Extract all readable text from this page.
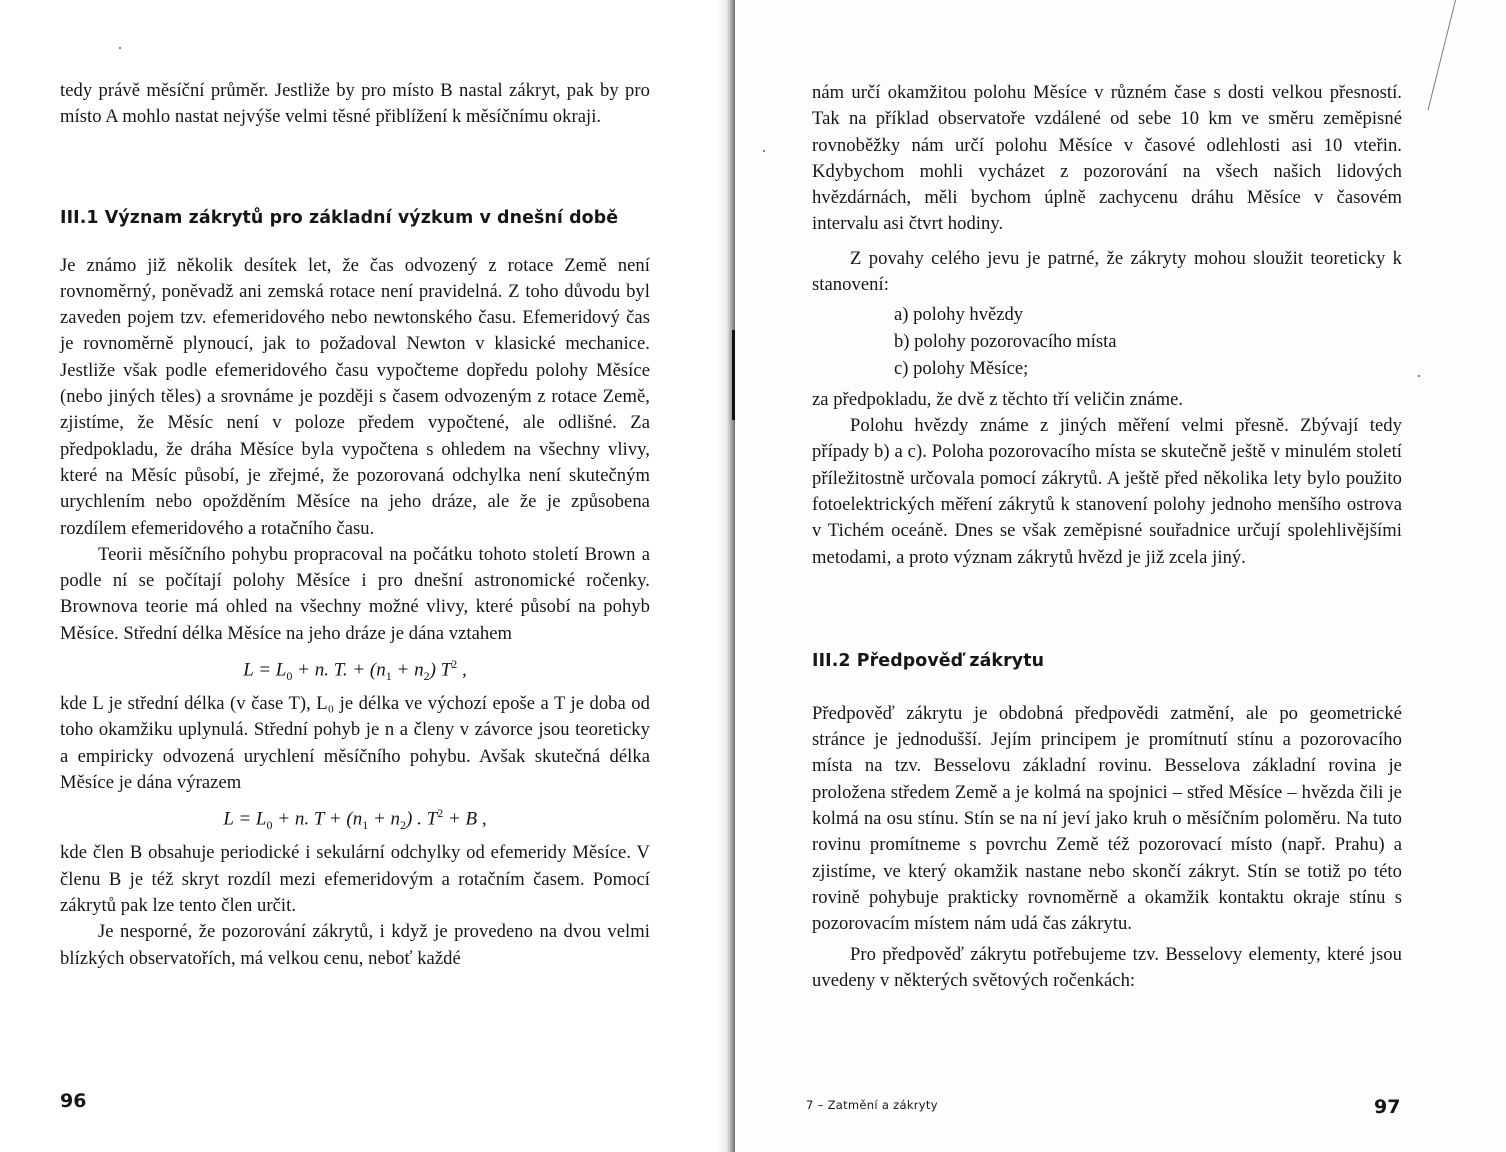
tedy právě měsíční průměr. Jestliže by pro místo B nastal zákryt, pak by pro místo A mohlo nastat nejvýše velmi těsné přiblížení k měsíčnímu okraji.

III.1 Význam zákrytů pro základní výzkum v dnešní době

Je známo již několik desítek let, že čas odvozený z rotace Země není rovnoměrný, poněvadž ani zemská rotace není pravidelná. Z toho důvodu byl zaveden pojem tzv. efemeridového nebo newtonského času. Efemeridový čas je rovnoměrně plynoucí, jak to požadoval Newton v klasické mechanice. Jestliže však podle efemeridového času vypočteme dopředu polohy Měsíce (nebo jiných těles) a srovnáme je později s časem odvozeným z rotace Země, zjistíme, že Měsíc není v poloze předem vypočtené, ale odlišné. Za předpokladu, že dráha Měsíce byla vypočtena s ohledem na všechny vlivy, které na Měsíc působí, je zřejmé, že pozorovaná odchylka není skutečným urychlením nebo opožděním Měsíce na jeho dráze, ale že je způsobena rozdílem efemeridového a rotačního času.

Teorii měsíčního pohybu propracoval na počátku tohoto století Brown a podle ní se počítají polohy Měsíce i pro dnešní astronomické ročenky. Brownova teorie má ohled na všechny možné vlivy, které působí na pohyb Měsíce. Střední délka Měsíce na jeho dráze je dána vztahem

$L = L_0 + n$. T. + $(n_1 + n_2)$ $T^2$ ,

kde L je střední délka (v čase T), L₀ je délka ve výchozí epoše a T je doba od toho okamžiku uplynulá. Střední pohyb je n a členy v závorce jsou teoreticky a empiricky odvozená urychlení měsíčního pohybu. Avšak skutečná délka Měsíce je dána výrazem

$L = L_0 + n$. $T + (n_1 + n_2)$ . $T^2 + B$ ,

kde člen B obsahuje periodické i sekulární odchylky od efemeridy Měsíce. V členu B je též skryt rozdíl mezi efemeridovým a rotačním časem. Pomocí zákrytů pak lze tento člen určit.

Je nesporné, že pozorování zákrytů, i když je provedeno na dvou velmi blízkých observatořích, má velkou cenu, neboť každé

96

nám určí okamžitou polohu Měsíce v různém čase s dosti velkou přesností. Tak na příklad observatoře vzdálené od sebe 10 km ve směru zeměpisné rovnoběžky nám určí polohu Měsíce v časové odlehlosti asi 10 vteřin. Kdybychom mohli vycházet z pozorování na všech našich lidových hvězdárnách, měli bychom úplně zachycenu dráhu Měsíce v časovém intervalu asi čtvrt hodiny.

Z povahy celého jevu je patrné, že zákryty mohou sloužit teoreticky k stanovení:

a) polohy hvězdy
b) polohy pozorovacího místa
c) polohy Měsíce;

za předpokladu, že dvě z těchto tří veličin známe.

Polohu hvězdy známe z jiných měření velmi přesně. Zbývají tedy případy b) a c). Poloha pozorovacího místa se skutečně ještě v minulém století příležitostně určovala pomocí zákrytů. A ještě před několika lety bylo použito fotoelektrických měření zákrytů k stanovení polohy jednoho menšího ostrova v Tichém oceáně. Dnes se však zeměpisné souřadnice určují spolehlivějšími metodami, a proto význam zákrytů hvězd je již zcela jiný.

III.2 Předpověď zákrytu

Předpověď zákrytu je obdobná předpovědi zatmění, ale po geometrické stránce je jednodušší. Jejím principem je promítnutí stínu a pozorovacího místa na tzv. Besselovu základní rovinu. Besselova základní rovina je proložena středem Země a je kolmá na spojnici – střed Měsíce – hvězda čili je kolmá na osu stínu. Stín se na ní jeví jako kruh o měsíčním poloměru. Na tuto rovinu promítneme s povrchu Země též pozorovací místo (např. Prahu) a zjistíme, ve který okamžik nastane nebo skončí zákryt. Stín se totiž po této rovině pohybuje prakticky rovnoměrně a okamžik kontaktu okraje stínu s pozorovacím místem nám udá čas zákrytu.

Pro předpověď zákrytu potřebujeme tzv. Besselovy elementy, které jsou uvedeny v některých světových ročenkách:

7 – Zatmění a zákryty	97
